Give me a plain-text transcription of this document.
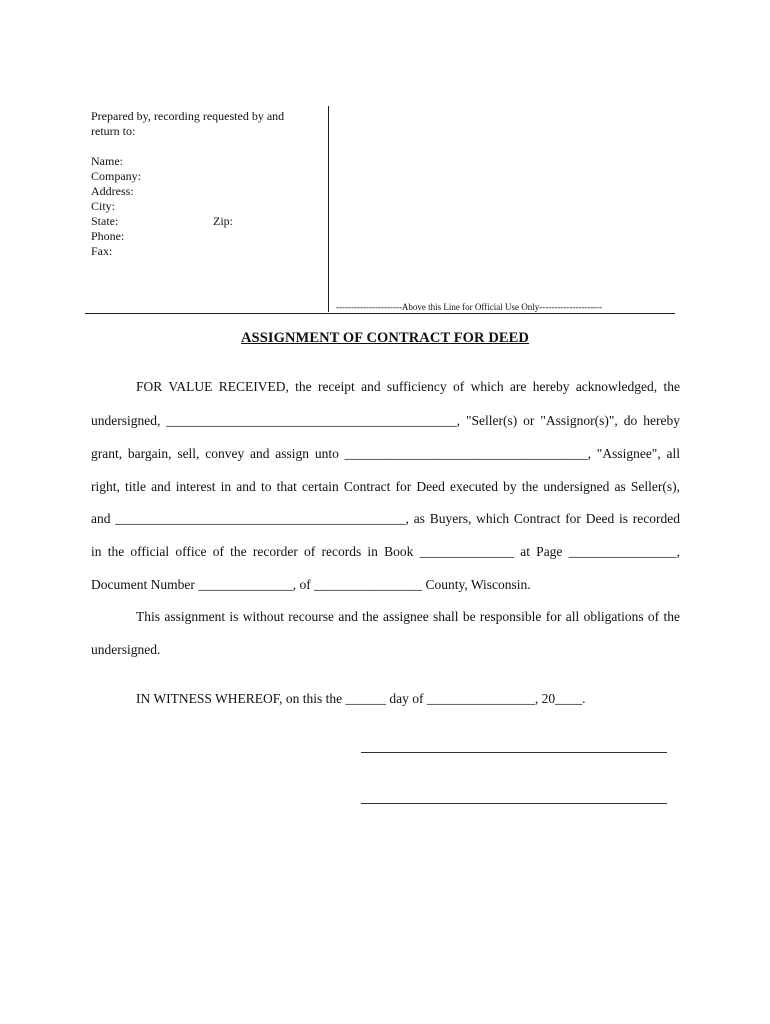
Prepared by, recording requested by and
return to:
Name:
Company:
Address:
City:
State:	Zip:
Phone:
Fax:
----------------------Above this Line for Official Use Only---------------------
ASSIGNMENT OF CONTRACT FOR DEED
FOR VALUE RECEIVED, the receipt and sufficiency of which are hereby acknowledged, the
undersigned, ___________________________________________, "Seller(s) or "Assignor(s)", do hereby
grant, bargain, sell, convey and assign unto ____________________________________, "Assignee", all
right, title and interest in and to that certain Contract for Deed executed by the undersigned as Seller(s),
and ___________________________________________, as Buyers, which Contract for Deed is recorded
in the official office of the recorder of records in Book ______________ at Page ________________,
Document Number ______________, of ________________ County, Wisconsin.
This assignment is without recourse and the assignee shall be responsible for all obligations of the
undersigned.
IN WITNESS WHEREOF, on this the ______ day of ________________, 20____.
